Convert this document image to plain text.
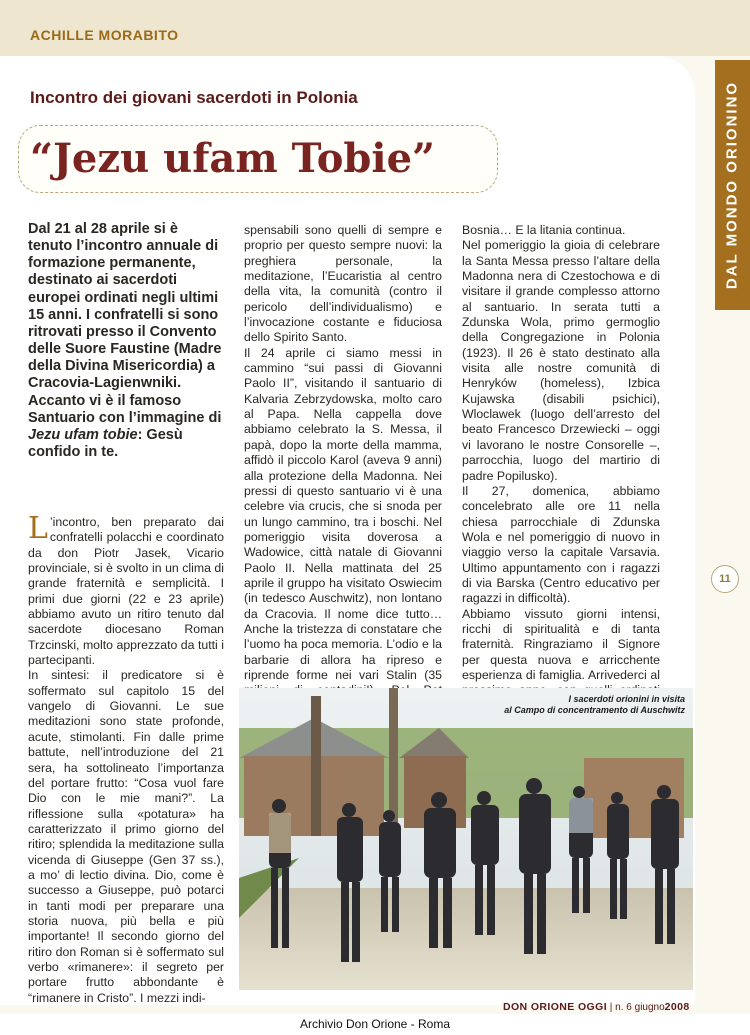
ACHILLE MORABITO
DAL MONDO ORIONINO
11
Incontro dei giovani sacerdoti in Polonia
“Jezu ufam Tobie”
Dal 21 al 28 aprile si è tenuto l’incontro annuale di formazione permanente, destinato ai sacerdoti europei ordinati negli ultimi 15 anni. I confratelli si sono ritrovati presso il Convento delle Suore Faustine (Madre della Divina Misericordia) a Cracovia-Lagienwniki. Accanto vi è il famoso Santuario con l’immagine di Jezu ufam tobie: Gesù confido in te.

L ’incontro, ben preparato dai confratelli polacchi e coordinato da don Piotr Jasek, Vicario provinciale, si è svolto in un clima di grande fraternità e semplicità. I primi due giorni (22 e 23 aprile) abbiamo avuto un ritiro tenuto dal sacerdote diocesano Roman Trzcinski, molto apprezzato da tutti i partecipanti.

In sintesi: il predicatore si è soffermato sul capitolo 15 del vangelo di Giovanni. Le sue meditazioni sono state profonde, acute, stimolanti. Fin dalle prime battute, nell’introduzione del 21 sera, ha sottolineato l’importanza del portare frutto: “Cosa vuol fare Dio con le mie mani?”. La riflessione sulla «potatura» ha caratterizzato il primo giorno del ritiro; splendida la meditazione sulla vicenda di Giuseppe (Gen 37 ss.), a mo’ di lectio divina. Dio, come è successo a Giuseppe, può potarci in tanti modi per preparare una storia nuova, più bella e più importante! Il secondo giorno del ritiro don Roman si è soffermato sul verbo «rimanere»: il segreto per portare frutto abbondante è “rimanere in Cristo”. I mezzi indi-

spensabili sono quelli di sempre e proprio per questo sempre nuovi: la preghiera personale, la meditazione, l’Eucaristia al centro della vita, la comunità (contro il pericolo dell’individualismo) e l’invocazione costante e fiduciosa dello Spirito Santo.

Il 24 aprile ci siamo messi in cammino “sui passi di Giovanni Paolo II”, visitando il santuario di Kalvaria Zebrzydowska, molto caro al Papa. Nella cappella dove abbiamo celebrato la S. Messa, il papà, dopo la morte della mamma, affidò il piccolo Karol (aveva 9 anni) alla protezione della Madonna. Nei pressi di questo santuario vi è una celebre via crucis, che si snoda per un lungo cammino, tra i boschi. Nel pomeriggio visita doverosa a Wadowice, città natale di Giovanni Paolo II. Nella mattinata del 25 aprile il gruppo ha visitato Oswiecim (in tedesco Auschwitz), non lontano da Cracovia. Il nome dice tutto… Anche la tristezza di constatare che l’uomo ha poca memoria. L’odio e la barbarie di allora ha ripreso e riprende forme nei vari Stalin (35

Bosnia… E la litania continua.

Nel pomeriggio la gioia di celebrare la Santa Messa presso l’altare della Madonna nera di Czestochowa e di visitare il grande complesso attorno al santuario. In serata tutti a Zdunska Wola, primo germoglio della Congregazione in Polonia (1923). Il 26 è stato destinato alla visita alle nostre comunità di Henryków (homeless), Izbica Kujawska (disabili psichici), Wloclawek (luogo dell’arresto del beato Francesco Drzewiecki – oggi vi lavorano le nostre Consorelle –, parrocchia, luogo del martirio di padre Popilusko).

Il 27, domenica, abbiamo concelebrato alle ore 11 nella chiesa parrocchiale di Zdunska Wola e nel pomeriggio di nuovo in viaggio verso la capitale Varsavia. Ultimo appuntamento con i ragazzi di via Barska (Centro educativo per ragazzi in difficoltà).

Abbiamo vissuto giorni intensi, ricchi di spiritualità e di tanta fraternità. Ringraziamo il Signore per questa nuova e arricchente esperienza di famiglia. Arrivederci al

I sacerdoti orionini in visita
al Campo di concentramento di Auschwitz
DON ORIONE OGGI | n. 6 giugno2008
Archivio Don Orione - Roma
